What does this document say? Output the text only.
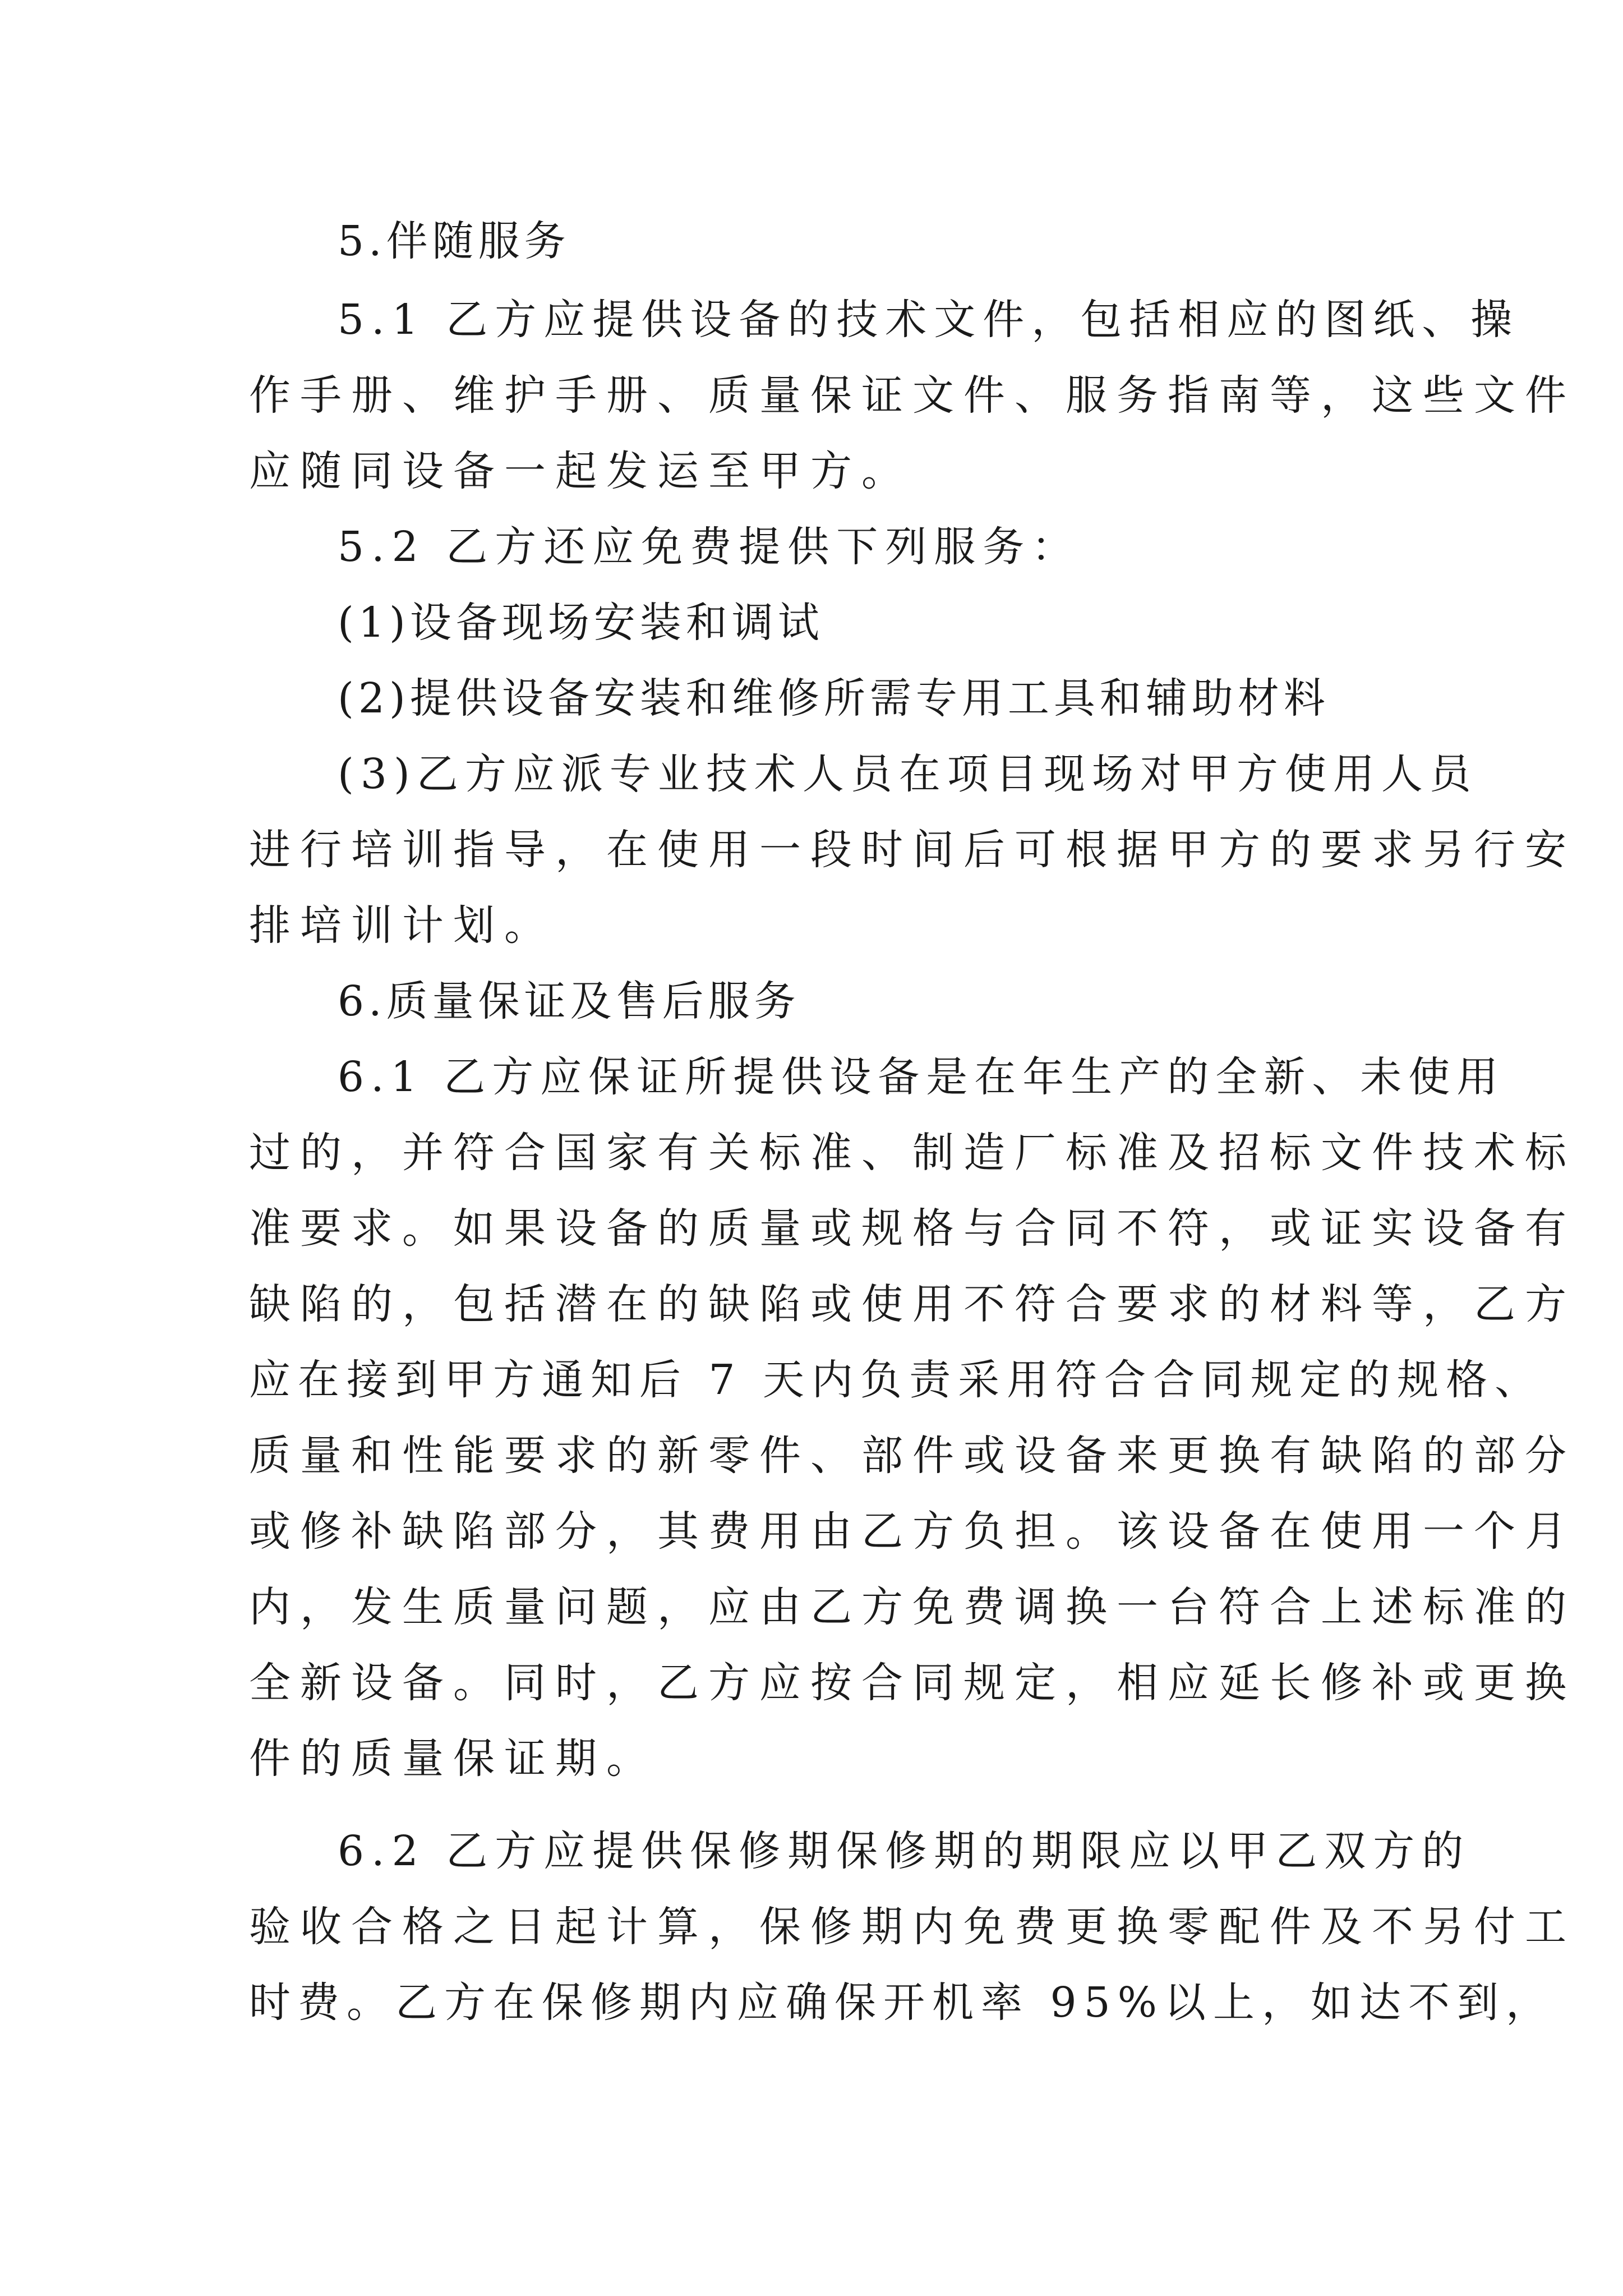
5.伴随服务
5.1 乙方应提供设备的技术文件，包括相应的图纸、操
作手册、维护手册、质量保证文件、服务指南等，这些文件
应随同设备一起发运至甲方。
5.2 乙方还应免费提供下列服务：
(1)设备现场安装和调试
(2)提供设备安装和维修所需专用工具和辅助材料
(3)乙方应派专业技术人员在项目现场对甲方使用人员
进行培训指导，在使用一段时间后可根据甲方的要求另行安
排培训计划。
6.质量保证及售后服务
6.1 乙方应保证所提供设备是在年生产的全新、未使用
过的，并符合国家有关标准、制造厂标准及招标文件技术标
准要求。如果设备的质量或规格与合同不符，或证实设备有
缺陷的，包括潜在的缺陷或使用不符合要求的材料等，乙方
应在接到甲方通知后 7 天内负责采用符合合同规定的规格、
质量和性能要求的新零件、部件或设备来更换有缺陷的部分
或修补缺陷部分，其费用由乙方负担。该设备在使用一个月
内，发生质量问题，应由乙方免费调换一台符合上述标准的
全新设备。同时，乙方应按合同规定，相应延长修补或更换
件的质量保证期。
6.2 乙方应提供保修期保修期的期限应以甲乙双方的
验收合格之日起计算，保修期内免费更换零配件及不另付工
时费。乙方在保修期内应确保开机率 95%以上，如达不到，
